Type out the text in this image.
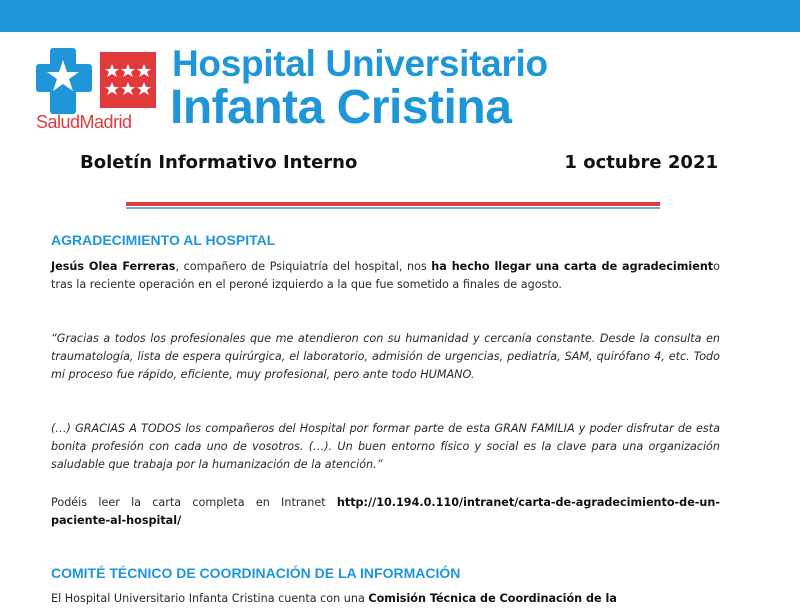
SaludMadrid
Hospital Universitario
Infanta Cristina
Boletín Informativo Interno	1 octubre 2021
AGRADECIMIENTO AL HOSPITAL
Jesús Olea Ferreras, compañero de Psiquiatría del hospital, nos ha hecho llegar una carta de agradecimiento tras la reciente operación en el peroné izquierdo a la que fue sometido a finales de agosto.
“Gracias a todos los profesionales que me atendieron con su humanidad y cercanía constante. Desde la consulta en traumatología, lista de espera quirúrgica, el laboratorio, admisión de urgencias, pediatría, SAM, quirófano 4, etc. Todo mi proceso fue rápido, eficiente, muy profesional, pero ante todo HUMANO.
(…) GRACIAS A TODOS los compañeros del Hospital por formar parte de esta GRAN FAMILIA y poder disfrutar de esta bonita profesión con cada uno de vosotros. (…). Un buen entorno físico y social es la clave para una organización saludable que trabaja por la humanización de la atención.”
Podéis leer la carta completa en Intranet http://10.194.0.110/intranet/carta-de-agradecimiento-de-un-paciente-al-hospital/
COMITÉ TÉCNICO DE COORDINACIÓN DE LA INFORMACIÓN
El Hospital Universitario Infanta Cristina cuenta con una Comisión Técnica de Coordinación de la
